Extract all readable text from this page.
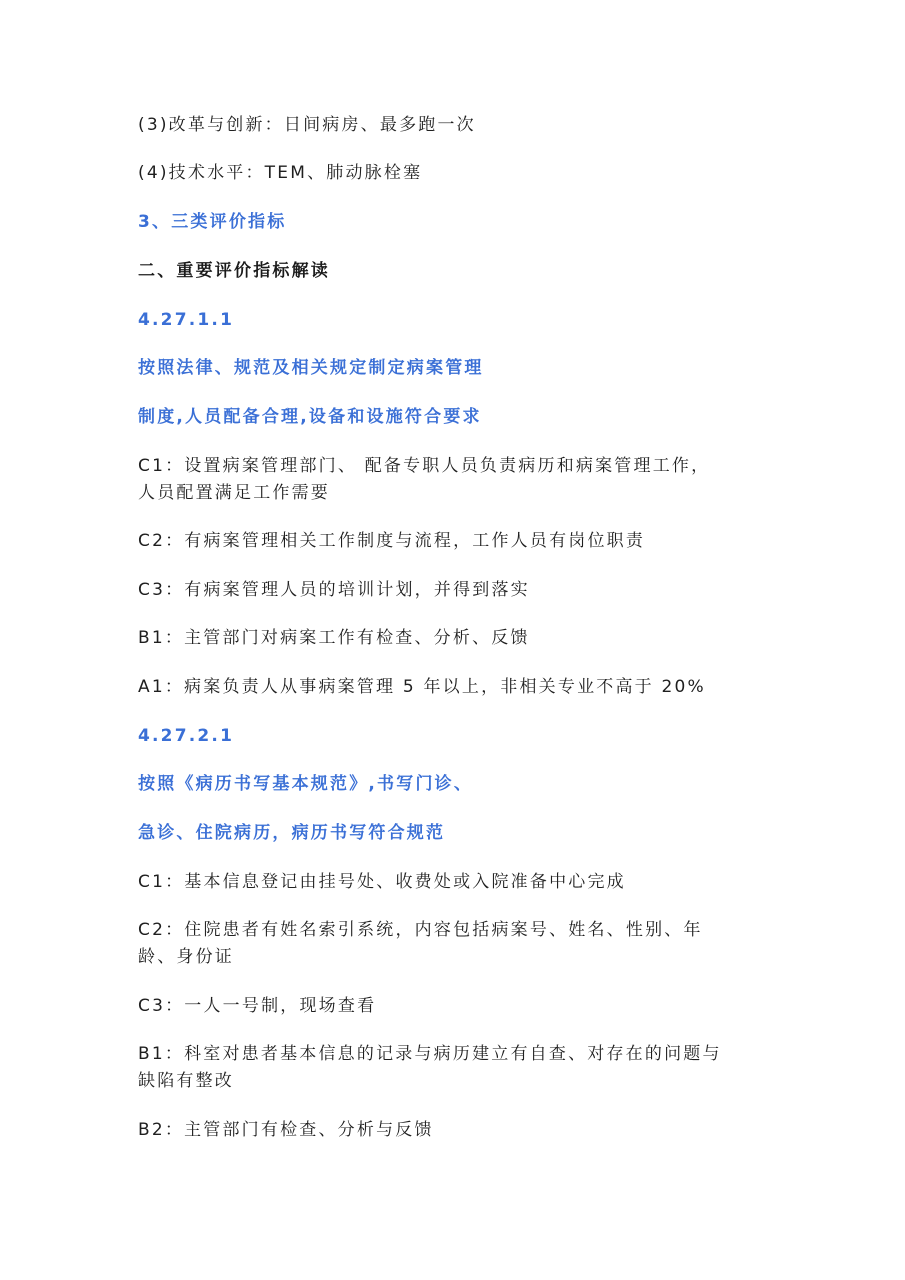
(3)改革与创新：日间病房、最多跑一次
(4)技术水平：TEM、肺动脉栓塞
3、三类评价指标
二、重要评价指标解读
4.27.1.1
按照法律、规范及相关规定制定病案管理
制度,人员配备合理,设备和设施符合要求
C1：设置病案管理部门、 配备专职人员负责病历和病案管理工作，
人员配置满足工作需要
C2：有病案管理相关工作制度与流程，工作人员有岗位职责
C3：有病案管理人员的培训计划，并得到落实
B1：主管部门对病案工作有检查、分析、反馈
A1：病案负责人从事病案管理 5 年以上，非相关专业不高于 20%
4.27.2.1
按照《病历书写基本规范》,书写门诊、
急诊、住院病历，病历书写符合规范
C1：基本信息登记由挂号处、收费处或入院准备中心完成
C2：住院患者有姓名索引系统，内容包括病案号、姓名、性别、年
龄、身份证
C3：一人一号制，现场查看
B1：科室对患者基本信息的记录与病历建立有自查、对存在的问题与
缺陷有整改
B2：主管部门有检查、分析与反馈
